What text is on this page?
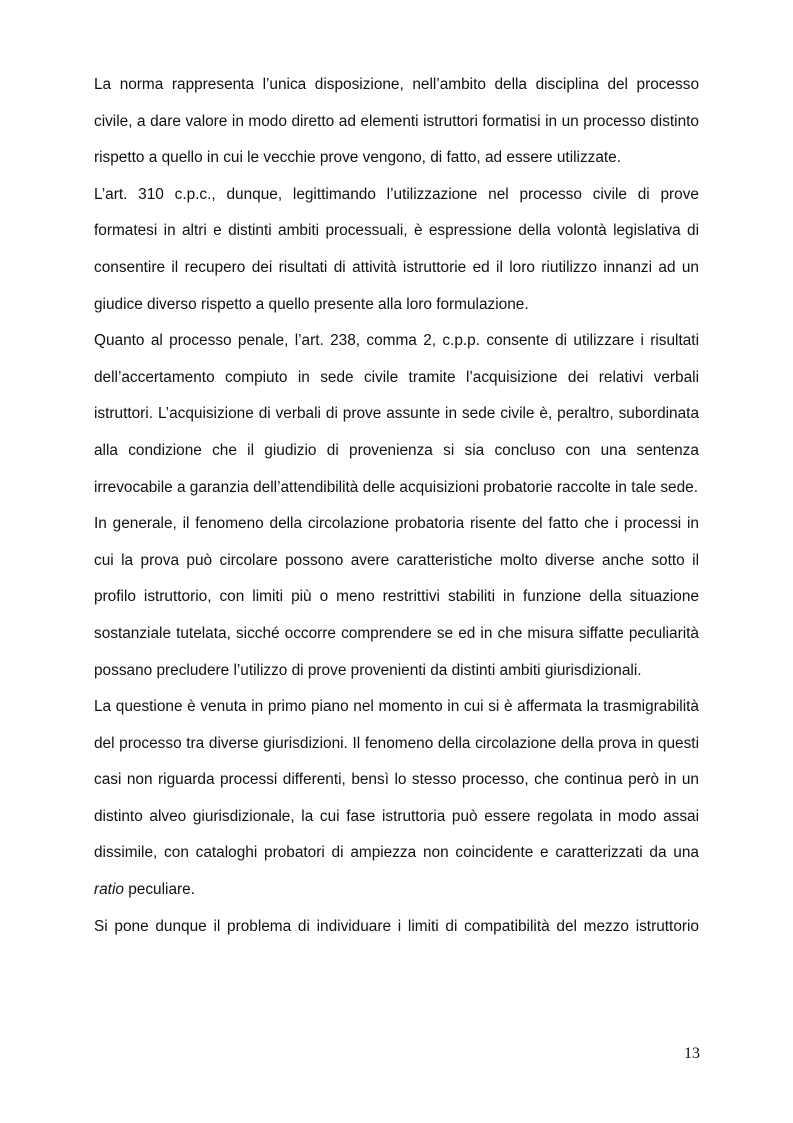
La norma rappresenta l’unica disposizione, nell’ambito della disciplina del processo civile, a dare valore in modo diretto ad elementi istruttori formatisi in un processo distinto rispetto a quello in cui le vecchie prove vengono, di fatto, ad essere utilizzate.

L’art. 310 c.p.c., dunque, legittimando l’utilizzazione nel processo civile di prove formatesi in altri e distinti ambiti processuali, è espressione della volontà legislativa di consentire il recupero dei risultati di attività istruttorie ed il loro riutilizzo innanzi ad un giudice diverso rispetto a quello presente alla loro formulazione.

Quanto al processo penale, l’art. 238, comma 2, c.p.p. consente di utilizzare i risultati dell’accertamento compiuto in sede civile tramite l’acquisizione dei relativi verbali istruttori. L’acquisizione di verbali di prove assunte in sede civile è, peraltro, subordinata alla condizione che il giudizio di provenienza si sia concluso con una sentenza irrevocabile a garanzia dell’attendibilità delle acquisizioni probatorie raccolte in tale sede.

In generale, il fenomeno della circolazione probatoria risente del fatto che i processi in cui la prova può circolare possono avere caratteristiche molto diverse anche sotto il profilo istruttorio, con limiti più o meno restrittivi stabiliti in funzione della situazione sostanziale tutelata, sicché occorre comprendere se ed in che misura siffatte peculiarità possano precludere l’utilizzo di prove provenienti da distinti ambiti giurisdizionali.

La questione è venuta in primo piano nel momento in cui si è affermata la trasmigrabilità del processo tra diverse giurisdizioni. Il fenomeno della circolazione della prova in questi casi non riguarda processi differenti, bensì lo stesso processo, che continua però in un distinto alveo giurisdizionale, la cui fase istruttoria può essere regolata in modo assai dissimile, con cataloghi probatori di ampiezza non coincidente e caratterizzati da una ratio peculiare.

Si pone dunque il problema di individuare i limiti di compatibilità del mezzo istruttorio

13
